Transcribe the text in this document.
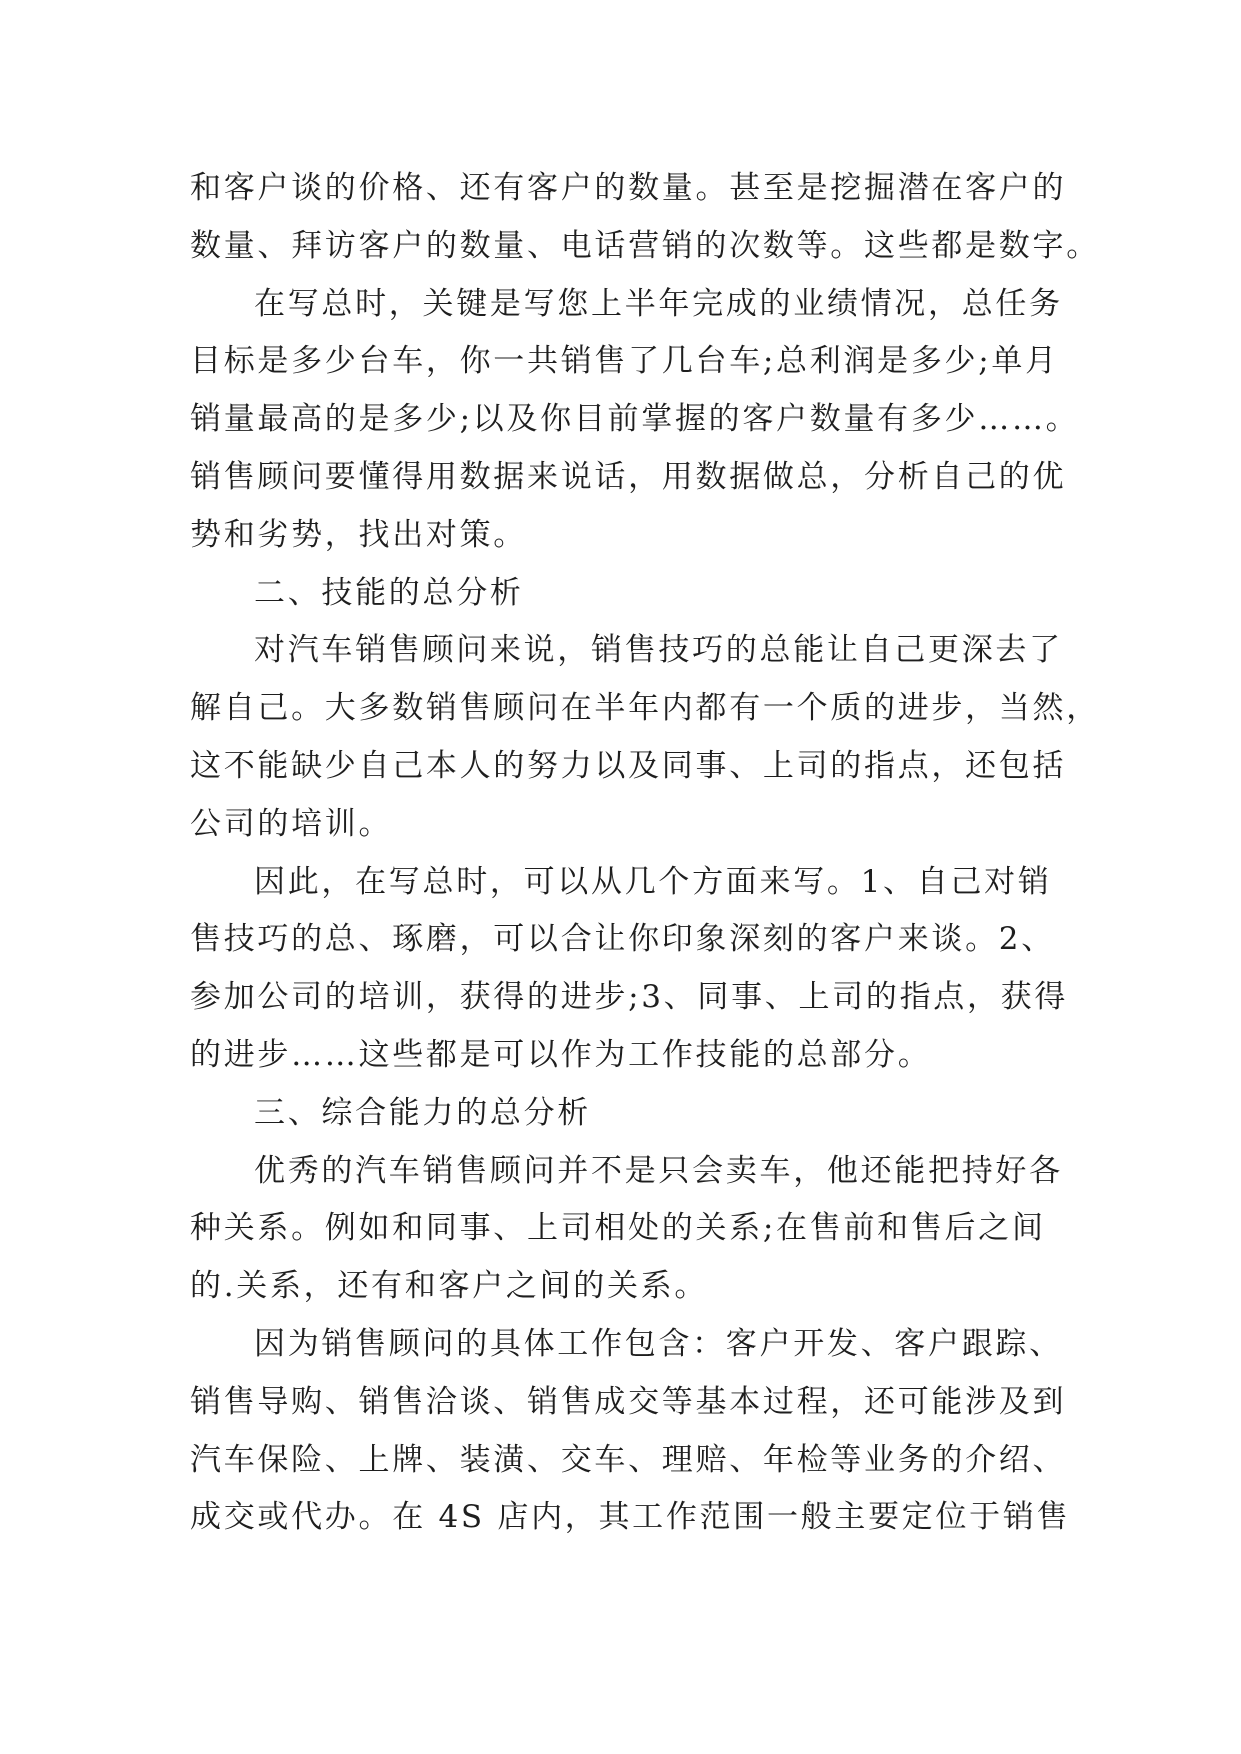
和客户谈的价格、还有客户的数量。甚至是挖掘潜在客户的
数量、拜访客户的数量、电话营销的次数等。这些都是数字。
在写总时，关键是写您上半年完成的业绩情况，总任务
目标是多少台车，你一共销售了几台车;总利润是多少;单月
销量最高的是多少;以及你目前掌握的客户数量有多少……。
销售顾问要懂得用数据来说话，用数据做总，分析自己的优
势和劣势，找出对策。
二、技能的总分析
对汽车销售顾问来说，销售技巧的总能让自己更深去了
解自己。大多数销售顾问在半年内都有一个质的进步，当然，
这不能缺少自己本人的努力以及同事、上司的指点，还包括
公司的培训。
因此，在写总时，可以从几个方面来写。1、自己对销
售技巧的总、琢磨，可以合让你印象深刻的客户来谈。2、
参加公司的培训，获得的进步;3、同事、上司的指点，获得
的进步……这些都是可以作为工作技能的总部分。
三、综合能力的总分析
优秀的汽车销售顾问并不是只会卖车，他还能把持好各
种关系。例如和同事、上司相处的关系;在售前和售后之间
的.关系，还有和客户之间的关系。
因为销售顾问的具体工作包含：客户开发、客户跟踪、
销售导购、销售洽谈、销售成交等基本过程，还可能涉及到
汽车保险、上牌、装潢、交车、理赔、年检等业务的介绍、
成交或代办。在 4S 店内，其工作范围一般主要定位于销售
